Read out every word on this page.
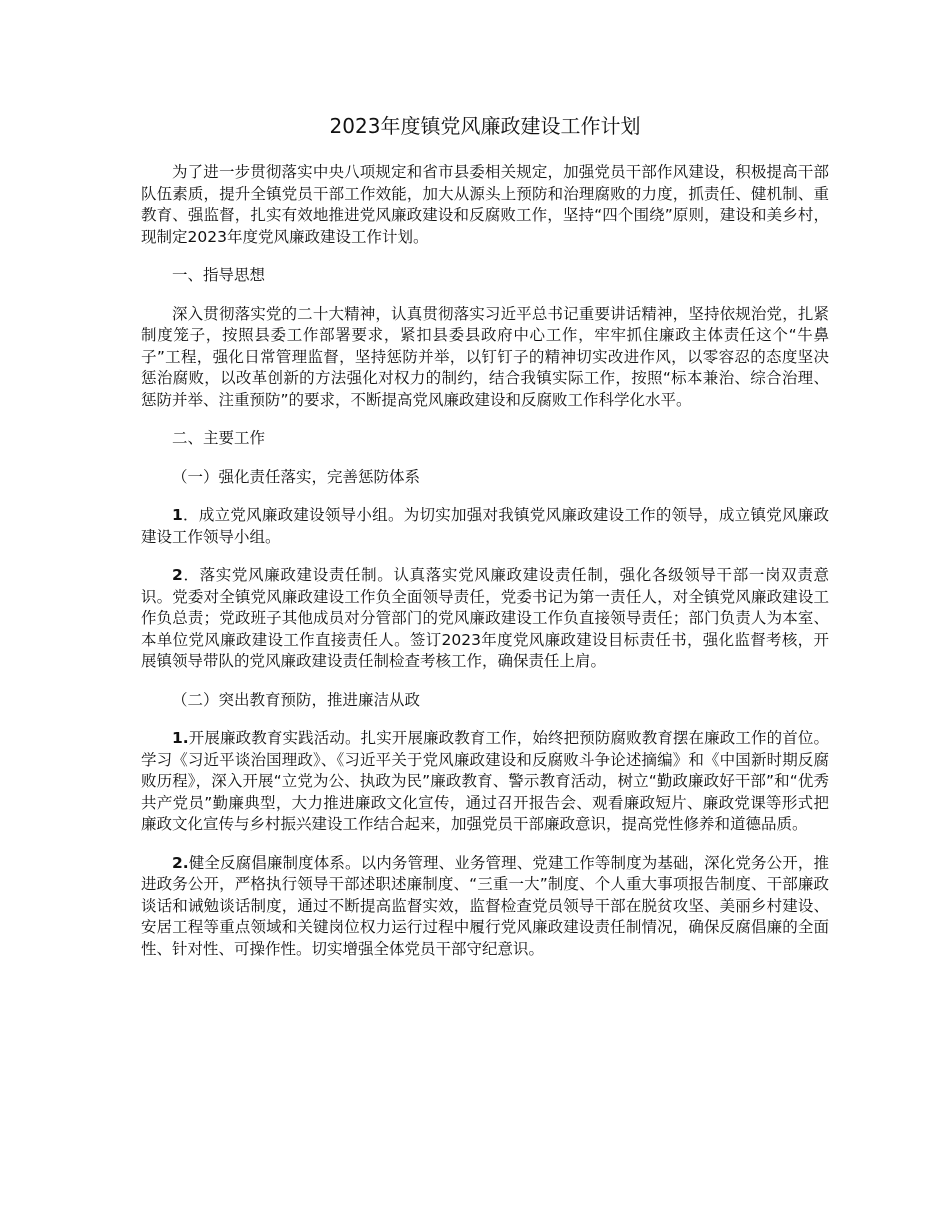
2023年度镇党风廉政建设工作计划

为了进一步贯彻落实中央八项规定和省市县委相关规定，加强党员干部作风建设，积极提高干部队伍素质，提升全镇党员干部工作效能，加大从源头上预防和治理腐败的力度，抓责任、健机制、重教育、强监督，扎实有效地推进党风廉政建设和反腐败工作，坚持“四个围绕”原则，建设和美乡村，现制定2023年度党风廉政建设工作计划。

一、指导思想

深入贯彻落实党的二十大精神，认真贯彻落实习近平总书记重要讲话精神，坚持依规治党，扎紧制度笼子，按照县委工作部署要求，紧扣县委县政府中心工作，牢牢抓住廉政主体责任这个“牛鼻子”工程，强化日常管理监督，坚持惩防并举，以钉钉子的精神切实改进作风，以零容忍的态度坚决惩治腐败，以改革创新的方法强化对权力的制约，结合我镇实际工作，按照“标本兼治、综合治理、惩防并举、注重预防”的要求，不断提高党风廉政建设和反腐败工作科学化水平。

二、主要工作

（一）强化责任落实，完善惩防体系

1．成立党风廉政建设领导小组。为切实加强对我镇党风廉政建设工作的领导，成立镇党风廉政建设工作领导小组。

2．落实党风廉政建设责任制。认真落实党风廉政建设责任制，强化各级领导干部一岗双责意识。党委对全镇党风廉政建设工作负全面领导责任，党委书记为第一责任人，对全镇党风廉政建设工作负总责；党政班子其他成员对分管部门的党风廉政建设工作负直接领导责任；部门负责人为本室、本单位党风廉政建设工作直接责任人。签订2023年度党风廉政建设目标责任书，强化监督考核，开展镇领导带队的党风廉政建设责任制检查考核工作，确保责任上肩。

（二）突出教育预防，推进廉洁从政

1.开展廉政教育实践活动。扎实开展廉政教育工作，始终把预防腐败教育摆在廉政工作的首位。学习《习近平谈治国理政》、《习近平关于党风廉政建设和反腐败斗争论述摘编》和《中国新时期反腐败历程》，深入开展“立党为公、执政为民”廉政教育、警示教育活动，树立“勤政廉政好干部”和“优秀共产党员”勤廉典型，大力推进廉政文化宣传，通过召开报告会、观看廉政短片、廉政党课等形式把廉政文化宣传与乡村振兴建设工作结合起来，加强党员干部廉政意识，提高党性修养和道德品质。

2.健全反腐倡廉制度体系。以内务管理、业务管理、党建工作等制度为基础，深化党务公开，推进政务公开，严格执行领导干部述职述廉制度、“三重一大”制度、个人重大事项报告制度、干部廉政谈话和诫勉谈话制度，通过不断提高监督实效，监督检查党员领导干部在脱贫攻坚、美丽乡村建设、安居工程等重点领域和关键岗位权力运行过程中履行党风廉政建设责任制情况，确保反腐倡廉的全面性、针对性、可操作性。切实增强全体党员干部守纪意识。
